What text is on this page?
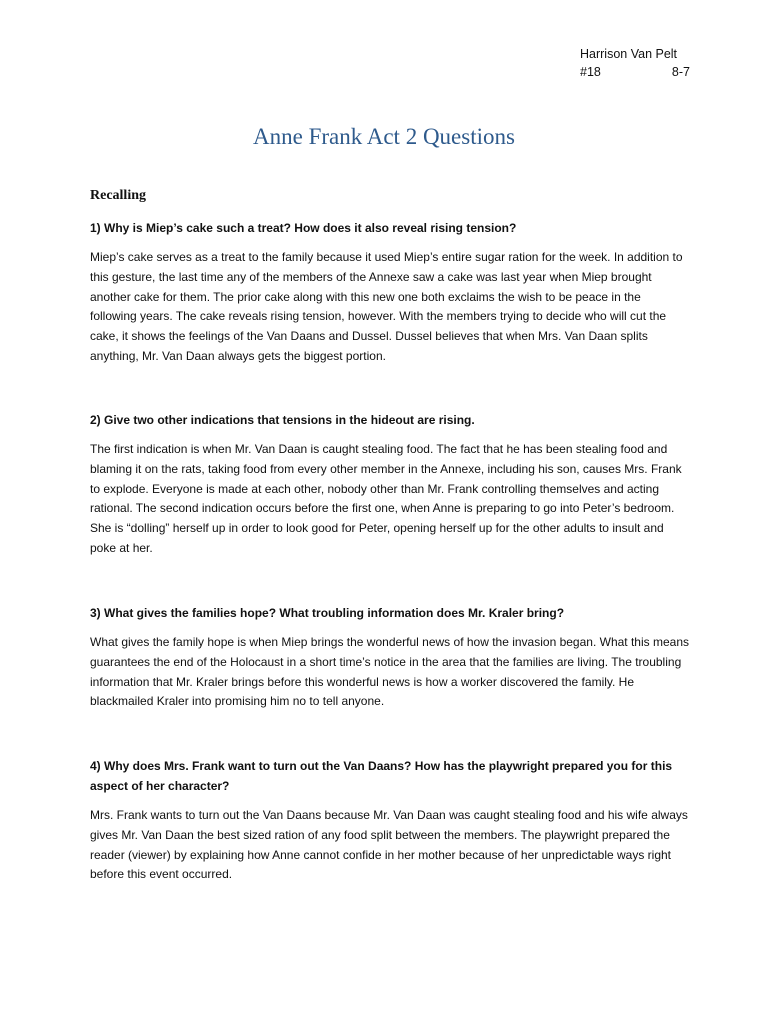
Harrison Van Pelt
#18	8-7
Anne Frank Act 2 Questions
Recalling

1) Why is Miep’s cake such a treat? How does it also reveal rising tension?

Miep’s cake serves as a treat to the family because it used Miep’s entire sugar ration for the week. In addition to this gesture, the last time any of the members of the Annexe saw a cake was last year when Miep brought another cake for them. The prior cake along with this new one both exclaims the wish to be peace in the following years. The cake reveals rising tension, however. With the members trying to decide who will cut the cake, it shows the feelings of the Van Daans and Dussel. Dussel believes that when Mrs. Van Daan splits anything, Mr. Van Daan always gets the biggest portion.

2) Give two other indications that tensions in the hideout are rising.

The first indication is when Mr. Van Daan is caught stealing food. The fact that he has been stealing food and blaming it on the rats, taking food from every other member in the Annexe, including his son, causes Mrs. Frank to explode. Everyone is made at each other, nobody other than Mr. Frank controlling themselves and acting rational. The second indication occurs before the first one, when Anne is preparing to go into Peter’s bedroom. She is “dolling” herself up in order to look good for Peter, opening herself up for the other adults to insult and poke at her.

3) What gives the families hope? What troubling information does Mr. Kraler bring?

What gives the family hope is when Miep brings the wonderful news of how the invasion began. What this means guarantees the end of the Holocaust in a short time’s notice in the area that the families are living. The troubling information that Mr. Kraler brings before this wonderful news is how a worker discovered the family. He blackmailed Kraler into promising him no to tell anyone.

4) Why does Mrs. Frank want to turn out the Van Daans? How has the playwright prepared you for this aspect of her character?

Mrs. Frank wants to turn out the Van Daans because Mr. Van Daan was caught stealing food and his wife always gives Mr. Van Daan the best sized ration of any food split between the members. The playwright prepared the reader (viewer) by explaining how Anne cannot confide in her mother because of her unpredictable ways right before this event occurred.
